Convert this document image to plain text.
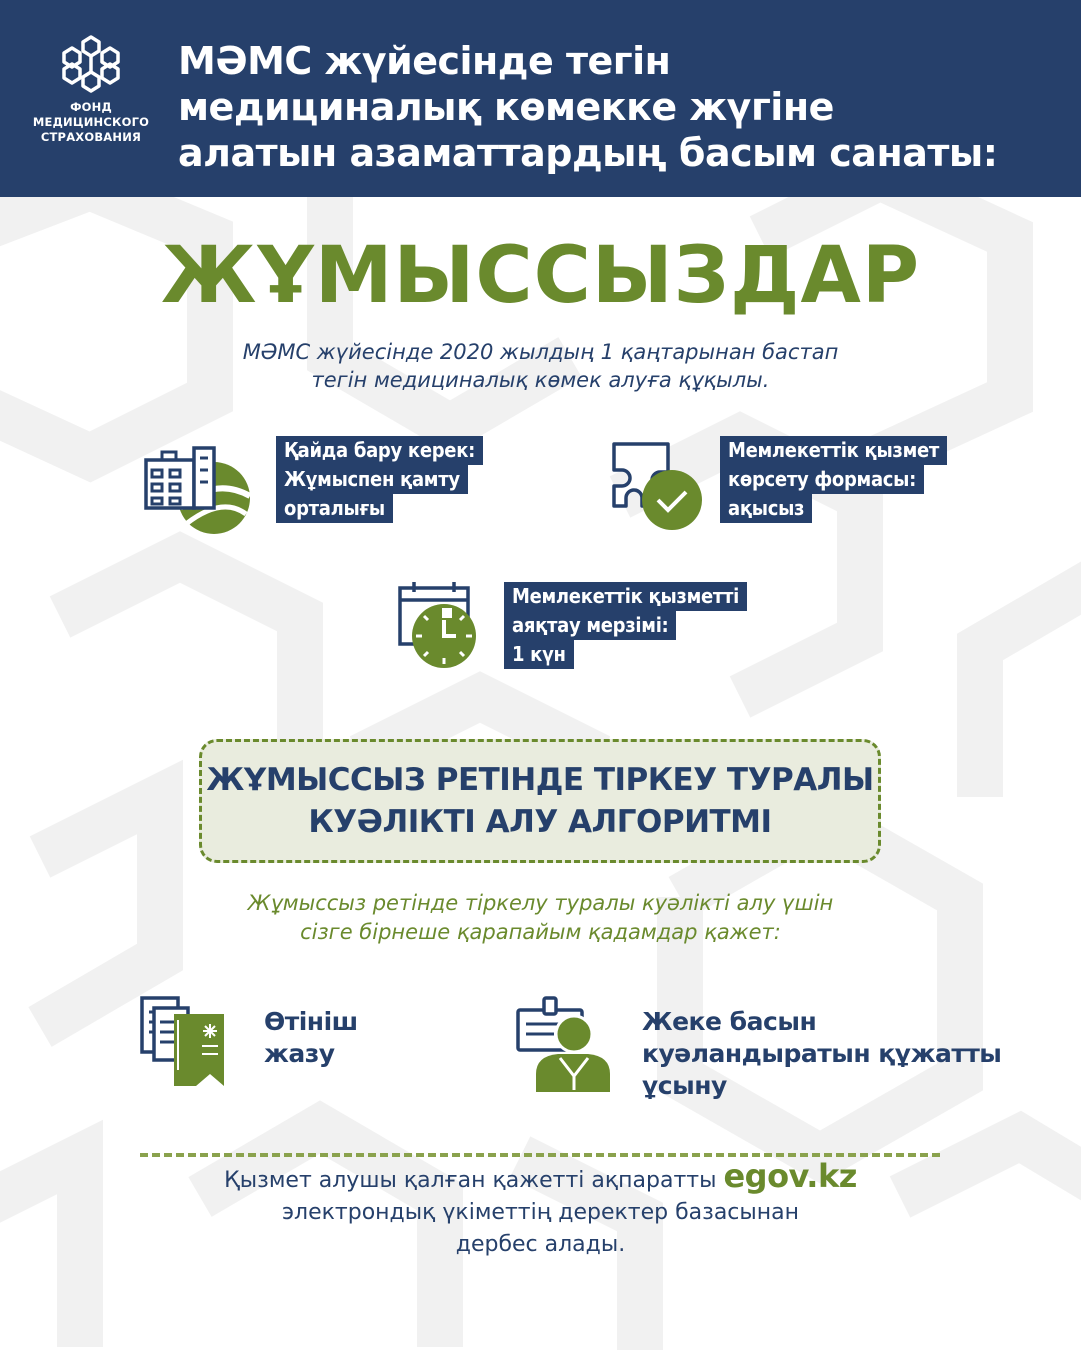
ФОНД
МЕДИЦИНСКОГО
СТРАХОВАНИЯ
МӘМС жүйесінде тегін
медициналық көмекке жүгіне
алатын азаматтардың басым санаты:
ЖҰМЫССЫЗДАР
МӘМС жүйесінде 2020 жылдың 1 қаңтарынан бастап
тегін медициналық көмек алуға құқылы.
Қайда бару керек:
Жұмыспен қамту
орталығы
Мемлекеттік қызмет
көрсету формасы:
ақысыз
Мемлекеттік қызметті
аяқтау мерзімі:
1 күн
ЖҰМЫССЫЗ РЕТІНДЕ ТІРКЕУ ТУРАЛЫ
КУӘЛІКТІ АЛУ АЛГОРИТМІ
Жұмыссыз ретінде тіркелу туралы куәлікті алу үшін
сізге бірнеше қарапайым қадамдар қажет:
Өтініш
жазу
Жеке басын
куәландыратын құжатты
ұсыну
Қызмет алушы қалған қажетті ақпаратты egov.kz
электрондық үкіметтің деректер базасынан
дербес алады.
